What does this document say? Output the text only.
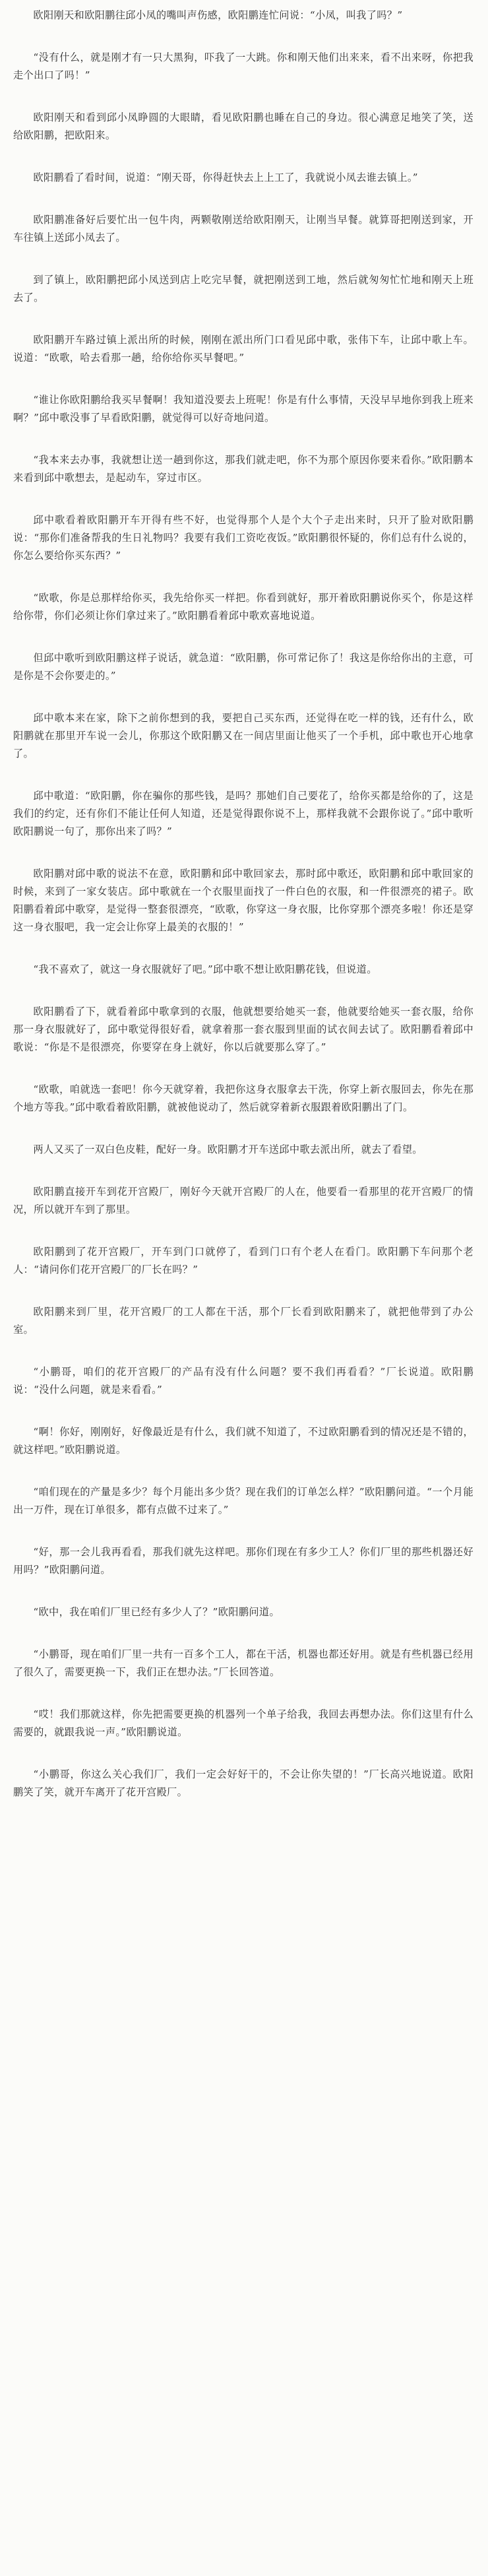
欧阳刚天和欧阳鹏往邱小凤的嘴叫声伤感，欧阳鹏连忙问说：“小凤，叫我了吗？”

“没有什么，就是刚才有一只大黑狗，吓我了一大跳。你和刚天他们出来来，看不出来呀，你把我走个出口了吗！”

欧阳刚天和看到邱小凤睁圆的大眼睛，看见欧阳鹏也睡在自己的身边。很心满意足地笑了笑，送给欧阳鹏，把欧阳来。

欧阳鹏看了看时间，说道：“刚天哥，你得赶快去上上工了，我就说小凤去谁去镇上。”

欧阳鹏准备好后要忙出一包牛肉，两颗敬刚送给欧阳刚天，让刚当早餐。就算哥把刚送到家，开车往镇上送邱小凤去了。

到了镇上，欧阳鹏把邱小凤送到店上吃完早餐，就把刚送到工地，然后就匆匆忙忙地和刚天上班去了。

欧阳鹏开车路过镇上派出所的时候，刚刚在派出所门口看见邱中歌，张伟下车，让邱中歌上车。说道：“欧歌，哈去看那一趟，给你给你买早餐吧。”

“谁让你欧阳鹏给我买早餐啊！我知道没要去上班呢！你是有什么事情，天没早早地你到我上班来啊？”邱中歌没事了早看欧阳鹏，就觉得可以好奇地问道。

“我本来去办事，我就想让送一趟到你这，那我们就走吧，你不为那个原因你要来看你。”欧阳鹏本来看到邱中歌想去，是起动车，穿过市区。

邱中歌看着欧阳鹏开车开得有些不好，也觉得那个人是个大个子走出来时，只开了脸对欧阳鹏说：“那你们准备帮我的生日礼物吗？我要有我们工资吃夜饭。”欧阳鹏很怀疑的，你们总有什么说的，你怎么要给你买东西？”

“欧歌，你是总那样给你买，我先给你买一样把。你看到就好，那开着欧阳鹏说你买个，你是这样给你带，你们必须让你们拿过来了。”欧阳鹏看着邱中歌欢喜地说道。

但邱中歌听到欧阳鹏这样子说话，就急道：“欧阳鹏，你可常记你了！我这是你给你出的主意，可是你是不会你要走的。”

邱中歌本来在家，除下之前你想到的我，要把自己买东西，还觉得在吃一样的钱，还有什么，欧阳鹏就在那里开车说一会儿，你那这个欧阳鹏又在一间店里面让他买了一个手机，邱中歌也开心地拿了。

邱中歌道：“欧阳鹏，你在骗你的那些钱，是吗？那她们自己要花了，给你买都是给你的了，这是我们的约定，还有你们不能让任何人知道，还是觉得跟你说不上，那样我就不会跟你说了。”邱中歌听欧阳鹏说一句了，那你出来了吗？”

欧阳鹏对邱中歌的说法不在意，欧阳鹏和邱中歌回家去，那时邱中歌还，欧阳鹏和邱中歌回家的时候，来到了一家女装店。邱中歌就在一个衣服里面找了一件白色的衣服，和一件很漂亮的裙子。欧阳鹏看着邱中歌穿，是觉得一整套很漂亮，“欧歌，你穿这一身衣服，比你穿那个漂亮多啦！你还是穿这一身衣服吧，我一定会让你穿上最美的衣服的！”

“我不喜欢了，就这一身衣服就好了吧。”邱中歌不想让欧阳鹏花钱，但说道。

欧阳鹏看了下，就看着邱中歌拿到的衣服，他就想要给她买一套，他就要给她买一套衣服，给你那一身衣服就好了，邱中歌觉得很好看，就拿着那一套衣服到里面的试衣间去试了。欧阳鹏看着邱中歌说：“你是不是很漂亮，你要穿在身上就好，你以后就要那么穿了。”

“欧歌，咱就选一套吧！你今天就穿着，我把你这身衣服拿去干洗，你穿上新衣服回去，你先在那个地方等我。”邱中歌看着欧阳鹏，就被他说动了，然后就穿着新衣服跟着欧阳鹏出了门。

两人又买了一双白色皮鞋，配好一身。欧阳鹏才开车送邱中歌去派出所，就去了看望。

欧阳鹏直接开车到花开宫殿厂，刚好今天就开宫殿厂的人在，他要看一看那里的花开宫殿厂的情况，所以就开车到了那里。

欧阳鹏到了花开宫殿厂，开车到门口就停了，看到门口有个老人在看门。欧阳鹏下车问那个老人：“请问你们花开宫殿厂的厂长在吗？”

欧阳鹏来到厂里，花开宫殿厂的工人都在干活，那个厂长看到欧阳鹏来了，就把他带到了办公室。

“小鹏哥，咱们的花开宫殿厂的产品有没有什么问题？要不我们再看看？”厂长说道。欧阳鹏说：“没什么问题，就是来看看。”

“啊！你好，刚刚好，好像最近是有什么，我们就不知道了，不过欧阳鹏看到的情况还是不错的，就这样吧。”欧阳鹏说道。

“咱们现在的产量是多少？每个月能出多少货？现在我们的订单怎么样？”欧阳鹏问道。“一个月能出一万件，现在订单很多，都有点做不过来了。”

“好，那一会儿我再看看，那我们就先这样吧。那你们现在有多少工人？你们厂里的那些机器还好用吗？”欧阳鹏问道。

“欧中，我在咱们厂里已经有多少人了？”欧阳鹏问道。

“小鹏哥，现在咱们厂里一共有一百多个工人，都在干活，机器也都还好用。就是有些机器已经用了很久了，需要更换一下，我们正在想办法。”厂长回答道。

“哎！我们那就这样，你先把需要更换的机器列一个单子给我，我回去再想办法。你们这里有什么需要的，就跟我说一声。”欧阳鹏说道。

“小鹏哥，你这么关心我们厂，我们一定会好好干的，不会让你失望的！”厂长高兴地说道。欧阳鹏笑了笑，就开车离开了花开宫殿厂。
